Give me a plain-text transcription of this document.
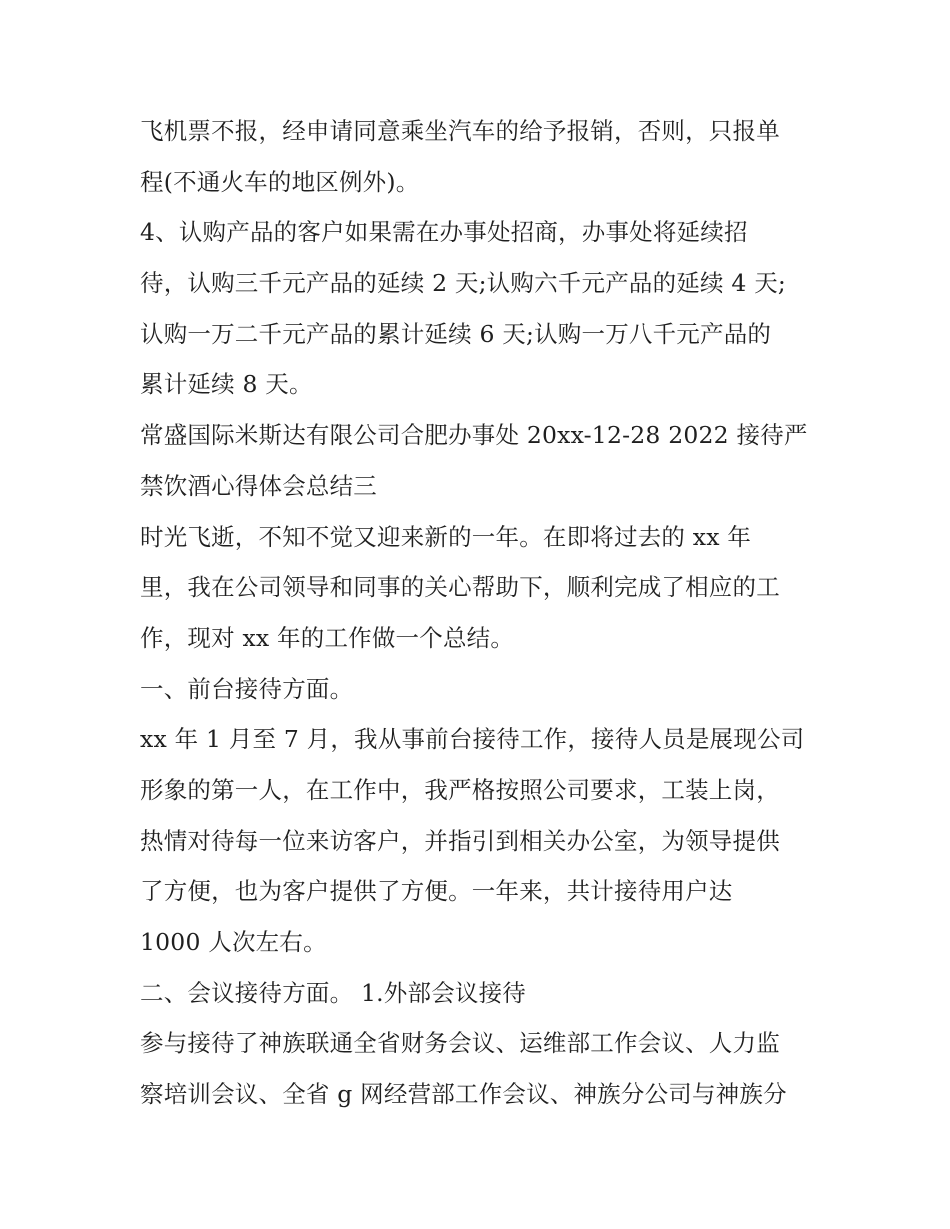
飞机票不报，经申请同意乘坐汽车的给予报销，否则，只报单
程(不通火车的地区例外)。
4、认购产品的客户如果需在办事处招商，办事处将延续招
待，认购三千元产品的延续 2 天;认购六千元产品的延续 4 天;
认购一万二千元产品的累计延续 6 天;认购一万八千元产品的
累计延续 8 天。
常盛国际米斯达有限公司合肥办事处 20xx-12-28 2022 接待严
禁饮酒心得体会总结三
时光飞逝，不知不觉又迎来新的一年。在即将过去的 xx 年
里，我在公司领导和同事的关心帮助下，顺利完成了相应的工
作，现对 xx 年的工作做一个总结。
一、前台接待方面。
xx 年 1 月至 7 月，我从事前台接待工作，接待人员是展现公司
形象的第一人，在工作中，我严格按照公司要求，工装上岗，
热情对待每一位来访客户，并指引到相关办公室，为领导提供
了方便，也为客户提供了方便。一年来，共计接待用户达
1000 人次左右。
二、会议接待方面。 1.外部会议接待
参与接待了神族联通全省财务会议、运维部工作会议、人力监
察培训会议、全省 g 网经营部工作会议、神族分公司与神族分
